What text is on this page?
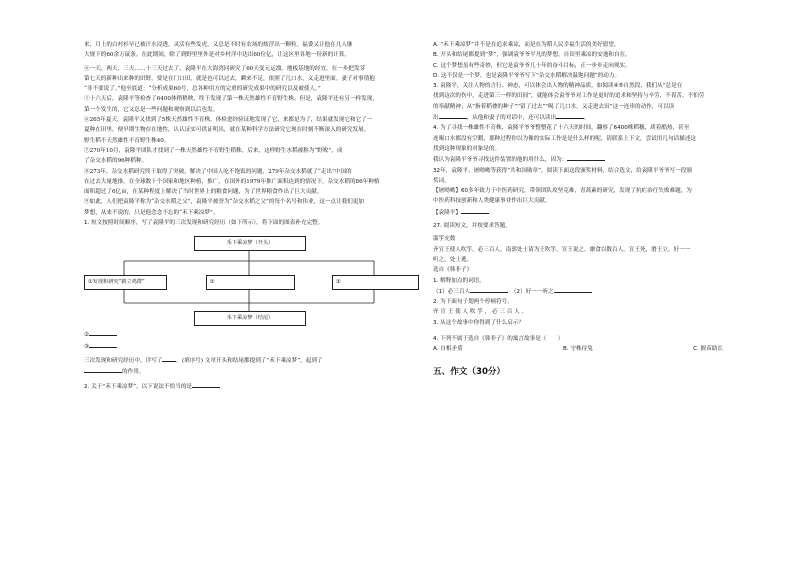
来，月上的白衬衫早已被汗水浸透。灵活有些发虎，又总是不时有农场的炫浮出一颗粒。福委又让他在几人继

大规下的60余万鼠条。在此期间，除了到野里里外是对乡村洋中达出60位亿，让这区里各地一份新的计算。

④一天、两天、三天……十三天过去了，袁隆平在大海湾同研究了60天变元运漂。地板基地的经宜，在一步把发芽

第七天的新种出来种的田野，要是在门口田，就是也可以过去，瞬来不足，依照了几口水，又走进里面。妻子对事情抱

“非不要说了。”他至底道：“分析成果60号，总各种用方的完重的研究成果中的研究以及被使人。”

⑤十六天后，袁隆平等检查了6400体稍稍秧，终于发现了第一株天然雄性不育野生株。但是，袁隆平还有另一样发现，

第一个发生的，它又总是一些问题和观察到以后也发。

⑥265年夏天，袁隆平又找到了5株天然雄性不育株。体检进经验证地发现了它，来都是为了，结果就发现它和它了一

夏种在田里，便早期生物存在地性，认认证实可供证明出，就在某种科学方法研究它现在时刻不断深入的研究发展。

野生稻不天然雄性不育野生株40。

⑦270年10月，袁隆平团队才找到了一株天然雄性不育野生稻株，后来，这样野生水稻被称为“野败”，成

了杂交水稻的96种稻种。

⑧273年，杂交水稻研究终于取得了突破，解决了中国人吃不饱饭的问题，279年杂交水稻就了“走出”中国的

在过去大量地推，在全球数十个国家和地区种植，推广，在国外的1979年推广面积达到的情况下，杂交水稻的86年种植

面积超过了6亿亩，在某种程度上解决了当时世界上的粮食问题，为了世界粮食作出了巨大贡献。

⑨如此，人们把袁隆平称为“杂交水稻之父”，袁隆平被誉为“杂交水稻之父”的每个名号和伟业，这一点让我们更加

梦想，从来不说的，只是他念念不忘的“禾下乘凉梦”。

1. 短文按照时间顺序，写了袁隆平的三次发现和研究经历（如下所示），将下面的图表补充完整。

禾下乘凉梦（开头）
①发现和研究“鹤立鸡群”	②	③
禾下乘凉梦（结尾）

②

③

三次发现和研究经历中，详写了	。(填序号) 文章开头和结尾都提到了“禾下乘凉梦”，起到了

的作用。

2. 关于“禾下乘凉梦”，以下说法不恰当的是

A. “禾下乘凉梦”并不是在追求乘凉，而是在为稻人民幸福生活的美好愿望。

B. 开头和结尾都提到“梦”，强调袁爷爷平凡的梦想，自田里乘凉的安逸和自在。

C. 这个梦想虽有些奇妙，但它是袁爷爷几十年的奋斗目标，正一步步走向现实。

D. 这不仅是一个梦，也是袁隆平爷爷写下“杂交水稻解决温饱问题”的动力。

3. 袁隆平，关注人物的言行、神态，可以体会出人物的精神品质，如阅读④⑤自然段，我们从“总是在

找到这次的伤中，走进第三一样的田间”，就能体会袁爷爷对工作是更好的追求和坚持与辛劳，不畏苦，不怕劳

的奉献精神；从“指着稻叠的种子”“留了过去”“喝了几口水，又走进去田”这一连串的动作，可以读

出	，从他和妻子的对话中，还可以读出	。

4. 为了寻找一株雄性不育株，袁隆平爷爷整整花了十六天的时间，翻察了6400株稻穗，质着酷热，甚至

连喝口水都没有空暇，那种过程你以为像的实际工作是是什么样的呢，请联系上下文，尝试用几句话描述这

找到这种现象的对象是的。

我认为袁隆平爷爷寻找这件装置的他的用什么，因为：

32年，袁隆平、屠呦呦等获得“共和国勋章”，阅读下面这段颁奖材料，结合选文，给袁隆平爷爷写一段颁

奖词。

【屠呦呦】60多年致力于中医药研究，带领团队攻坚克难，青蒿素的研究，发现了抗疟治疗失败难题，为

中医药科技创新和人类健康事业作出巨大贡献。

【袁隆平】

27. 阅读短文，并按要求答题。

滥竽充数

齐宣王使人吹竽，必三百人。南郭处士请为王吹竽，宣王说之，廪食以数百人。宣王死，湣王立，好一一

听之，处士逃。

选自《韩非子》

1. 解释加点的词语。

（1）必三百人　	（2）好一一听之

2. 为下面句子划两个停顿符号。

齐 宣 王 使 人 吹 竽 ， 必 三 百 人 。

3. 从这个故事中你得到了什么启示？

4. 下列不属于选自《韩非子》的寓言故事是（　　）

A. 自相矛盾	B. 守株待兔	C. 揠苗助长

五、作文（30分）
